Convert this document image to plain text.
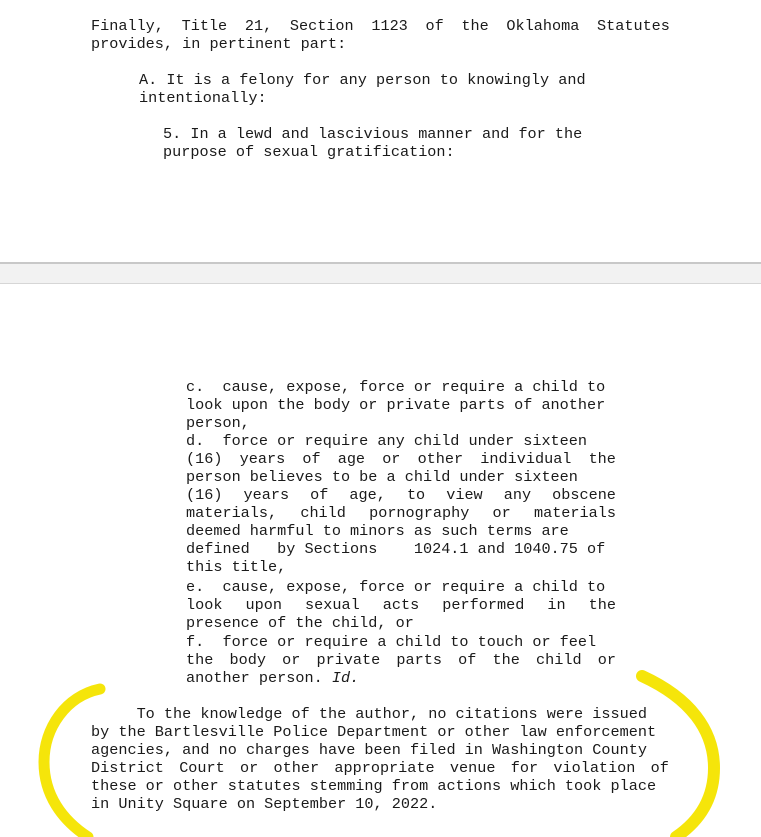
Finally, Title 21, Section 1123 of the Oklahoma Statutes
provides, in pertinent part:
A. It is a felony for any person to knowingly and
intentionally:
5. In a lewd and lascivious manner and for the
purpose of sexual gratification:
c.  cause, expose, force or require a child to
look upon the body or private parts of another
person,
d.  force or require any child under sixteen
(16) years of age or other individual the
person believes to be a child under sixteen
(16) years of age, to view any obscene
materials, child pornography or materials
deemed harmful to minors as such terms are
defined   by Sections    1024.1 and 1040.75 of
this title,
e.  cause, expose, force or require a child to
look upon sexual acts performed in the
presence of the child, or
f.  force or require a child to touch or feel
the body or private parts of the child or
another person. Id.
To the knowledge of the author, no citations were issued
by the Bartlesville Police Department or other law enforcement
agencies, and no charges have been filed in Washington County
District Court or other appropriate venue for violation of
these or other statutes stemming from actions which took place
in Unity Square on September 10, 2022.
